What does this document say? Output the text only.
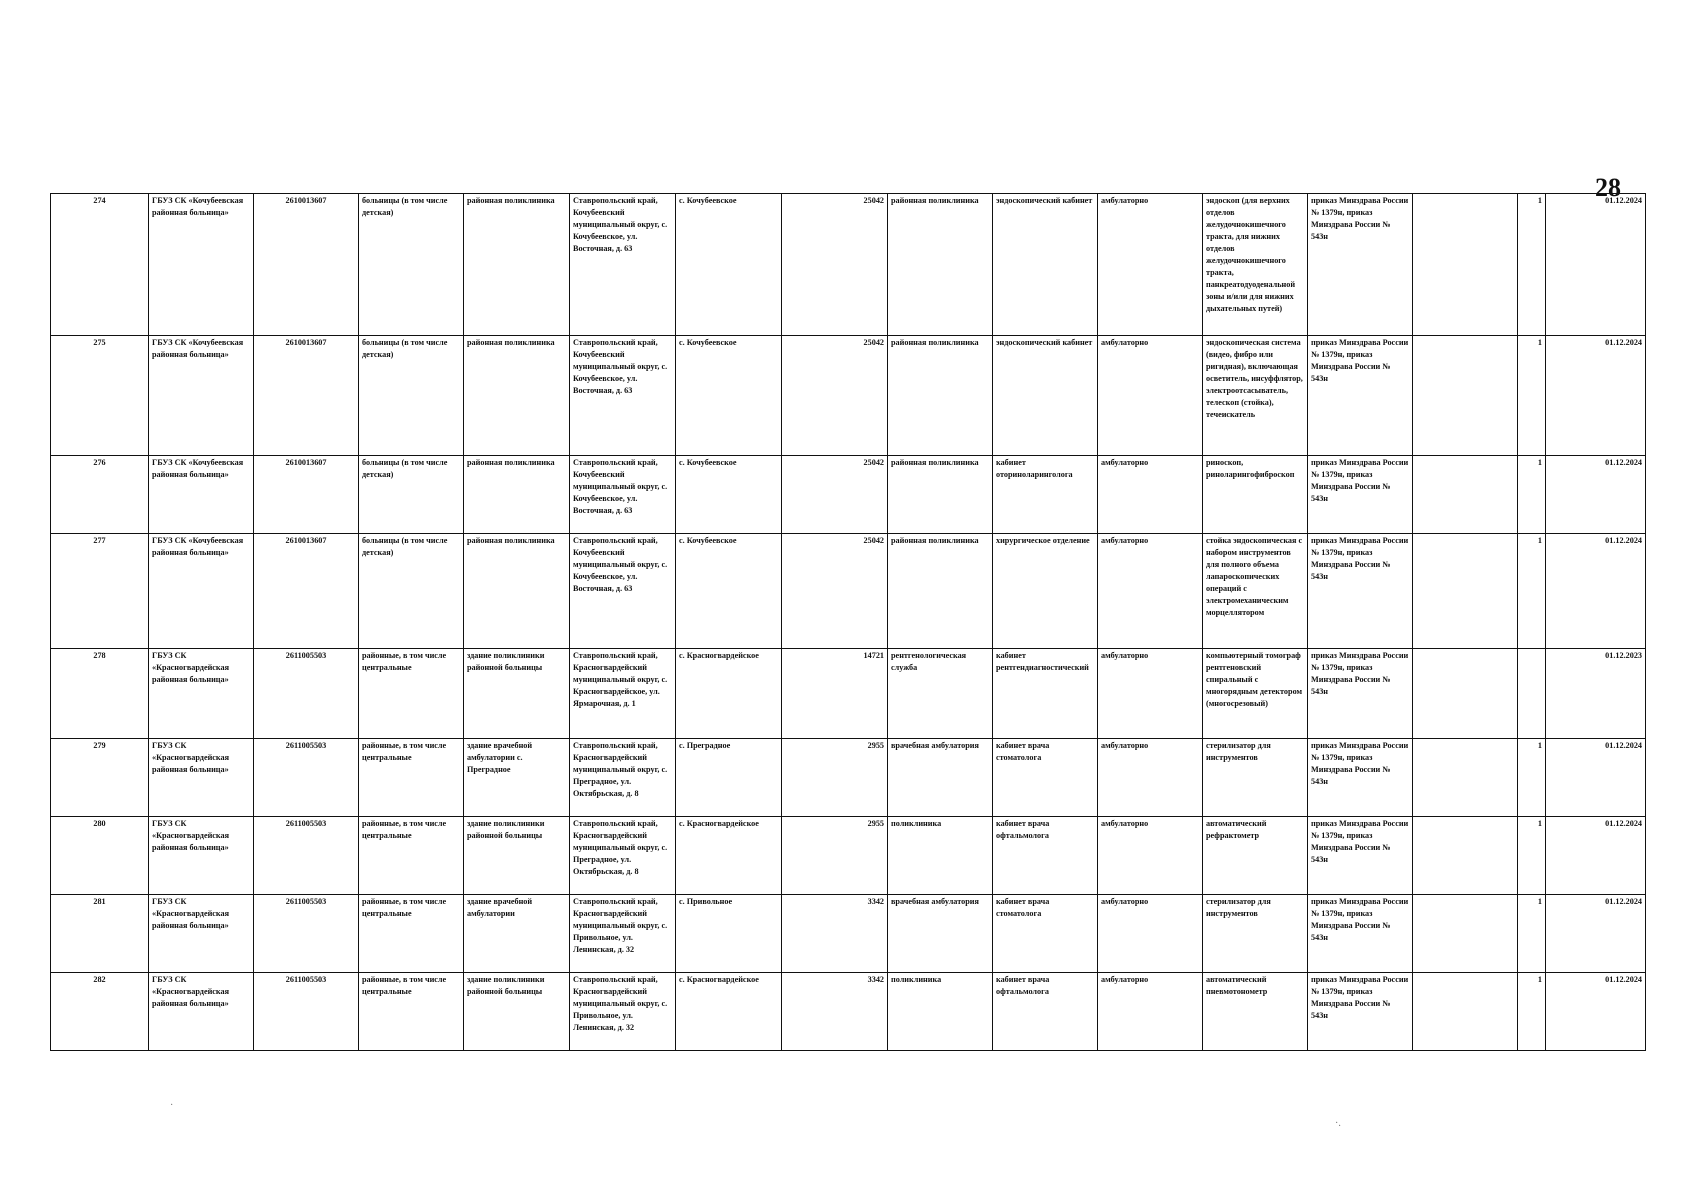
28
274	ГБУЗ СК «Кочубеевская районная больница»	2610013607	больницы (в том числе детская)	районная поликлиника	Ставропольский край, Кочубеевский муниципальный округ, с. Кочубеевское, ул. Восточная, д. 63	с. Кочубеевское	25042	районная поликлиника	эндоскопический кабинет	амбулаторно	эндоскоп (для верхних отделов желудочнокишечного тракта, для нижних отделов желудочнокишечного тракта, панкреатодуоденальной зоны и/или для нижних дыхательных путей)	приказ Минздрава России № 1379н, приказ Минздрава России № 543н		1	01.12.2024
275	ГБУЗ СК «Кочубеевская районная больница»	2610013607	больницы (в том числе детская)	районная поликлиника	Ставропольский край, Кочубеевский муниципальный округ, с. Кочубеевское, ул. Восточная, д. 63	с. Кочубеевское	25042	районная поликлиника	эндоскопический кабинет	амбулаторно	эндоскопическая система (видео, фибро или ригидная), включающая осветитель, инсуффлятор, электроотсасыватель, телескоп (стойка), течеискатель	приказ Минздрава России № 1379н, приказ Минздрава России № 543н		1	01.12.2024
276	ГБУЗ СК «Кочубеевская районная больница»	2610013607	больницы (в том числе детская)	районная поликлиника	Ставропольский край, Кочубеевский муниципальный округ, с. Кочубеевское, ул. Восточная, д. 63	с. Кочубеевское	25042	районная поликлиника	кабинет оториноларинголога	амбулаторно	риноскоп, риноларингофиброскоп	приказ Минздрава России № 1379н, приказ Минздрава России № 543н		1	01.12.2024
277	ГБУЗ СК «Кочубеевская районная больница»	2610013607	больницы (в том числе детская)	районная поликлиника	Ставропольский край, Кочубеевский муниципальный округ, с. Кочубеевское, ул. Восточная, д. 63	с. Кочубеевское	25042	районная поликлиника	хирургическое отделение	амбулаторно	стойка эндоскопическая с набором инструментов для полного объема лапароскопических операций с электромеханическим морцеллятором	приказ Минздрава России № 1379н, приказ Минздрава России № 543н		1	01.12.2024
278	ГБУЗ СК «Красногвардейская районная больница»	2611005503	районные, в том числе центральные	здание поликлиники районной больницы	Ставропольский край, Красногвардейский муниципальный округ, с. Красногвардейское, ул. Ярмарочная, д. 1	с. Красногвардейское	14721	рентгенологическая служба	кабинет рентгендиагностический	амбулаторно	компьютерный томограф рентгеновский спиральный с многорядным детектором (многосрезовый)	приказ Минздрава России № 1379н, приказ Минздрава России № 543н			01.12.2023
279	ГБУЗ СК «Красногвардейская районная больница»	2611005503	районные, в том числе центральные	здание врачебной амбулатории с. Преградное	Ставропольский край, Красногвардейский муниципальный округ, с. Преградное, ул. Октябрьская, д. 8	с. Преградное	2955	врачебная амбулатория	кабинет врача стоматолога	амбулаторно	стерилизатор для инструментов	приказ Минздрава России № 1379н, приказ Минздрава России № 543н		1	01.12.2024
280	ГБУЗ СК «Красногвардейская районная больница»	2611005503	районные, в том числе центральные	здание поликлиники районной больницы	Ставропольский край, Красногвардейский муниципальный округ, с. Преградное, ул. Октябрьская, д. 8	с. Красногвардейское	2955	поликлиника	кабинет врача офтальмолога	амбулаторно	автоматический рефрактометр	приказ Минздрава России № 1379н, приказ Минздрава России № 543н		1	01.12.2024
281	ГБУЗ СК «Красногвардейская районная больница»	2611005503	районные, в том числе центральные	здание врачебной амбулатории	Ставропольский край, Красногвардейский муниципальный округ, с. Привольное, ул. Ленинская, д. 32	с. Привольное	3342	врачебная амбулатория	кабинет врача стоматолога	амбулаторно	стерилизатор для инструментов	приказ Минздрава России № 1379н, приказ Минздрава России № 543н		1	01.12.2024
282	ГБУЗ СК «Красногвардейская районная больница»	2611005503	районные, в том числе центральные	здание поликлиники районной больницы	Ставропольский край, Красногвардейский муниципальный округ, с. Привольное, ул. Ленинская, д. 32	с. Красногвардейское	3342	поликлиника	кабинет врача офтальмолога	амбулаторно	автоматический пневмотонометр	приказ Минздрава России № 1379н, приказ Минздрава России № 543н		1	01.12.2024
·
·.
